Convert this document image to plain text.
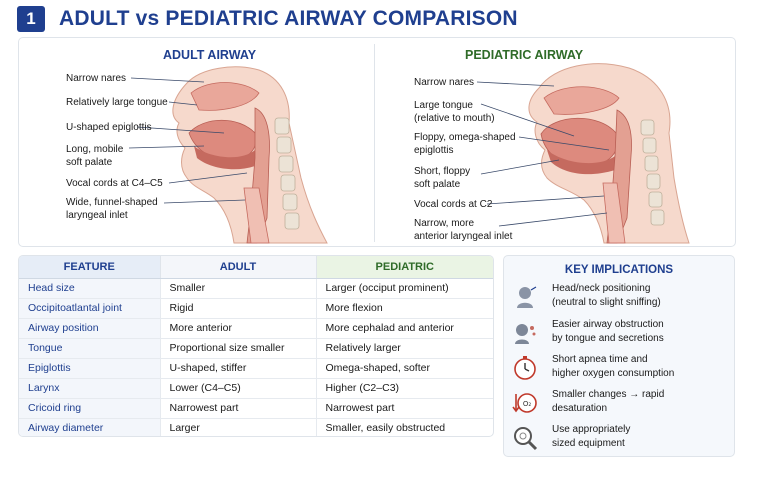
1	ADULT vs PEDIATRIC AIRWAY COMPARISON
ADULT AIRWAY	PEDIATRIC AIRWAY
Narrow nares
Relatively large tongue
U-shaped epiglottis
Long, mobile
soft palate
Vocal cords at C4–C5
Wide, funnel-shaped
laryngeal inlet
Narrow nares
Large tongue
(relative to mouth)
Floppy, omega-shaped
epiglottis
Short, floppy
soft palate
Vocal cords at C2
Narrow, more
anterior laryngeal inlet
FEATURE	ADULT	PEDIATRIC
Head size	Smaller	Larger (occiput prominent)
Occipitoatlantal joint	Rigid	More flexion
Airway position	More anterior	More cephalad and anterior
Tongue	Proportional size smaller	Relatively larger
Epiglottis	U-shaped, stiffer	Omega-shaped, softer
Larynx	Lower (C4–C5)	Higher (C2–C3)
Cricoid ring	Narrowest part	Narrowest part
Airway diameter	Larger	Smaller, easily obstructed
KEY IMPLICATIONS
Head/neck positioning
(neutral to slight sniffing)
Easier airway obstruction
by tongue and secretions
Short apnea time and
higher oxygen consumption
O₂
Smaller changes → rapid
desaturation
Use appropriately
sized equipment
